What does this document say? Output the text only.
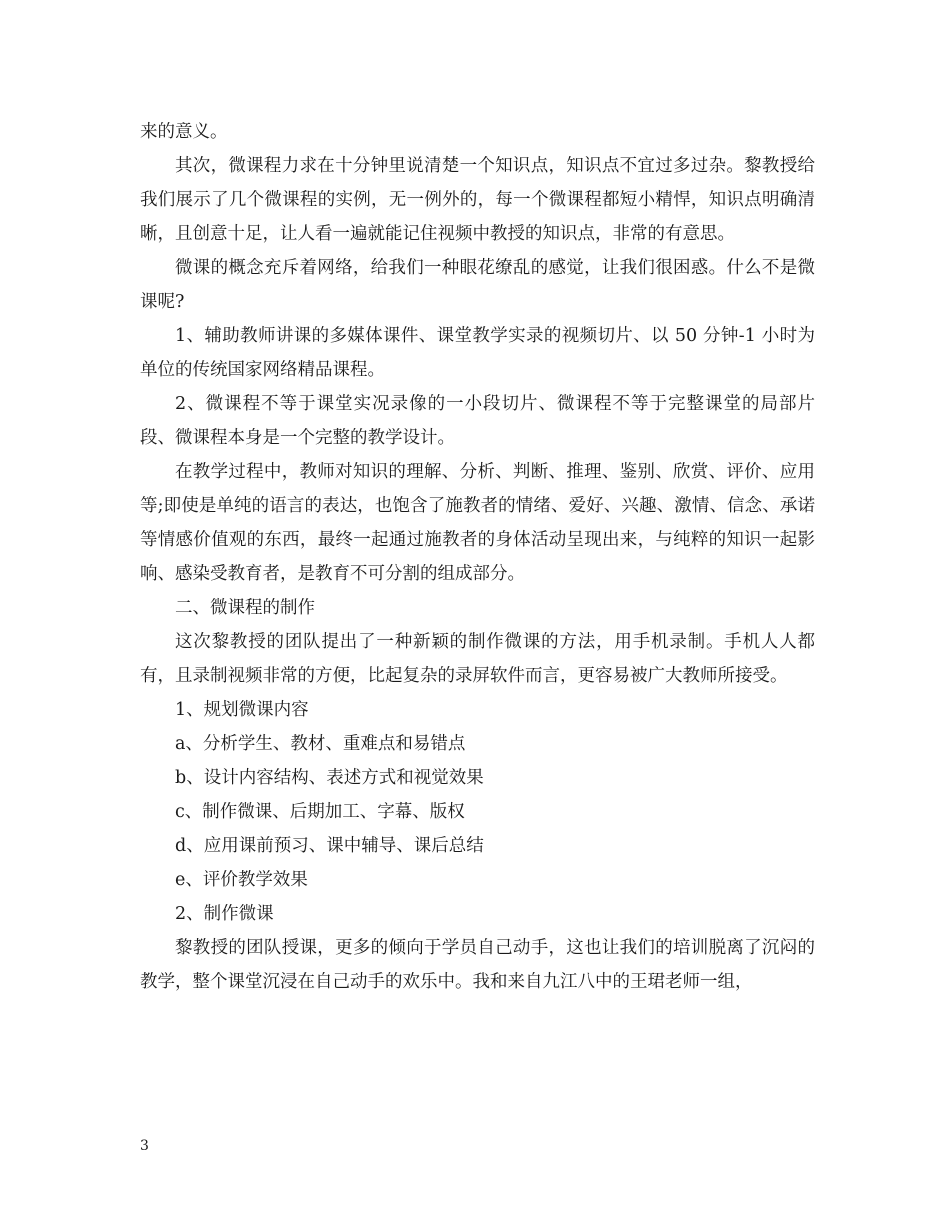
来的意义。

其次，微课程力求在十分钟里说清楚一个知识点，知识点不宜过多过杂。黎教授给我们展示了几个微课程的实例，无一例外的，每一个微课程都短小精悍，知识点明确清晰，且创意十足，让人看一遍就能记住视频中教授的知识点，非常的有意思。

微课的概念充斥着网络，给我们一种眼花缭乱的感觉，让我们很困惑。什么不是微课呢?

1、辅助教师讲课的多媒体课件、课堂教学实录的视频切片、以 50 分钟-1 小时为单位的传统国家网络精品课程。

2、微课程不等于课堂实况录像的一小段切片、微课程不等于完整课堂的局部片段、微课程本身是一个完整的教学设计。

在教学过程中，教师对知识的理解、分析、判断、推理、鉴别、欣赏、评价、应用等;即使是单纯的语言的表达，也饱含了施教者的情绪、爱好、兴趣、激情、信念、承诺等情感价值观的东西，最终一起通过施教者的身体活动呈现出来，与纯粹的知识一起影响、感染受教育者，是教育不可分割的组成部分。

二、微课程的制作

这次黎教授的团队提出了一种新颖的制作微课的方法，用手机录制。手机人人都有，且录制视频非常的方便，比起复杂的录屏软件而言，更容易被广大教师所接受。

1、规划微课内容

a、分析学生、教材、重难点和易错点

b、设计内容结构、表述方式和视觉效果

c、制作微课、后期加工、字幕、版权

d、应用课前预习、课中辅导、课后总结

e、评价教学效果

2、制作微课

黎教授的团队授课，更多的倾向于学员自己动手，这也让我们的培训脱离了沉闷的教学，整个课堂沉浸在自己动手的欢乐中。我和来自九江八中的王珺老师一组，

3
